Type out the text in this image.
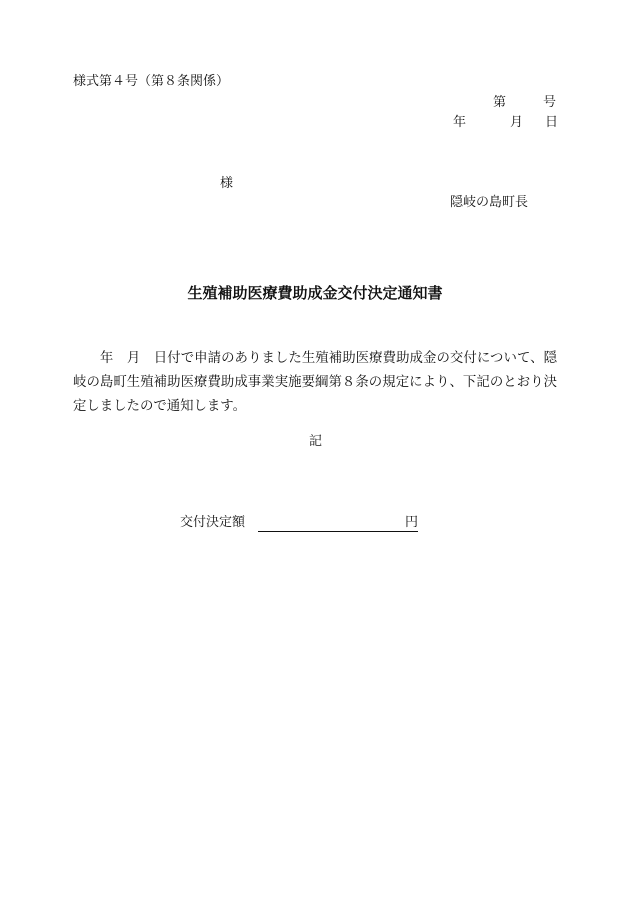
様式第４号（第８条関係）
第	号
年	月 日
様
隠岐の島町長
生殖補助医療費助成金交付決定通知書
　　年　月　日付で申請のありました生殖補助医療費助成金の交付について、隠
岐の島町生殖補助医療費助成事業実施要綱第８条の規定により、下記のとおり決
定しましたので通知します。
記
交付決定額	円
